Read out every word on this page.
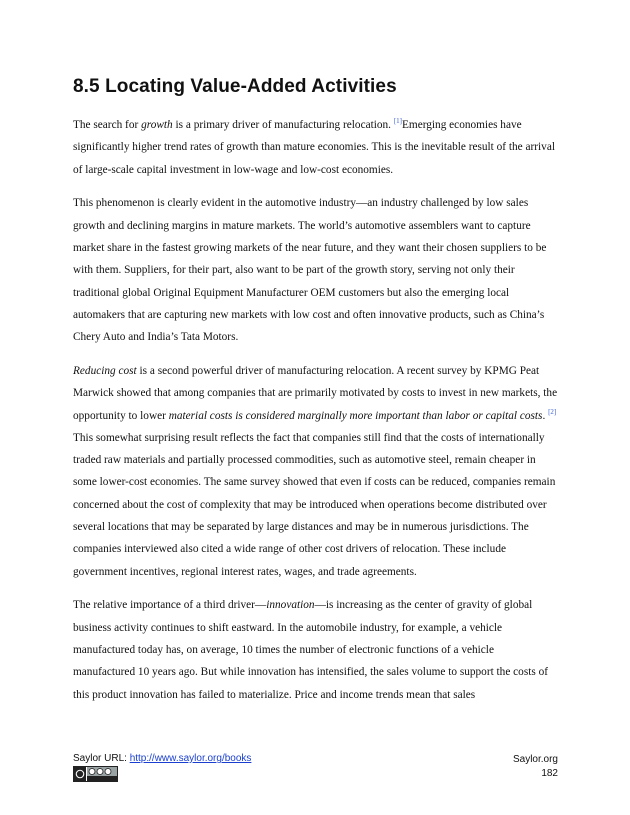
8.5 Locating Value-Added Activities

The search for growth is a primary driver of manufacturing relocation. [1]Emerging economies have significantly higher trend rates of growth than mature economies. This is the inevitable result of the arrival of large-scale capital investment in low-wage and low-cost economies.

This phenomenon is clearly evident in the automotive industry—an industry challenged by low sales growth and declining margins in mature markets. The world’s automotive assemblers want to capture market share in the fastest growing markets of the near future, and they want their chosen suppliers to be with them. Suppliers, for their part, also want to be part of the growth story, serving not only their traditional global Original Equipment Manufacturer OEM customers but also the emerging local automakers that are capturing new markets with low cost and often innovative products, such as China’s Chery Auto and India’s Tata Motors.

Reducing cost is a second powerful driver of manufacturing relocation. A recent survey by KPMG Peat Marwick showed that among companies that are primarily motivated by costs to invest in new markets, the opportunity to lower material costs is considered marginally more important than labor or capital costs. [2] This somewhat surprising result reflects the fact that companies still find that the costs of internationally traded raw materials and partially processed commodities, such as automotive steel, remain cheaper in some lower-cost economies. The same survey showed that even if costs can be reduced, companies remain concerned about the cost of complexity that may be introduced when operations become distributed over several locations that may be separated by large distances and may be in numerous jurisdictions. The companies interviewed also cited a wide range of other cost drivers of relocation. These include government incentives, regional interest rates, wages, and trade agreements.

The relative importance of a third driver—innovation—is increasing as the center of gravity of global business activity continues to shift eastward. In the automobile industry, for example, a vehicle manufactured today has, on average, 10 times the number of electronic functions of a vehicle manufactured 10 years ago. But while innovation has intensified, the sales volume to support the costs of this product innovation has failed to materialize. Price and income trends mean that sales

Saylor URL: http://www.saylor.org/books	Saylor.org
182
